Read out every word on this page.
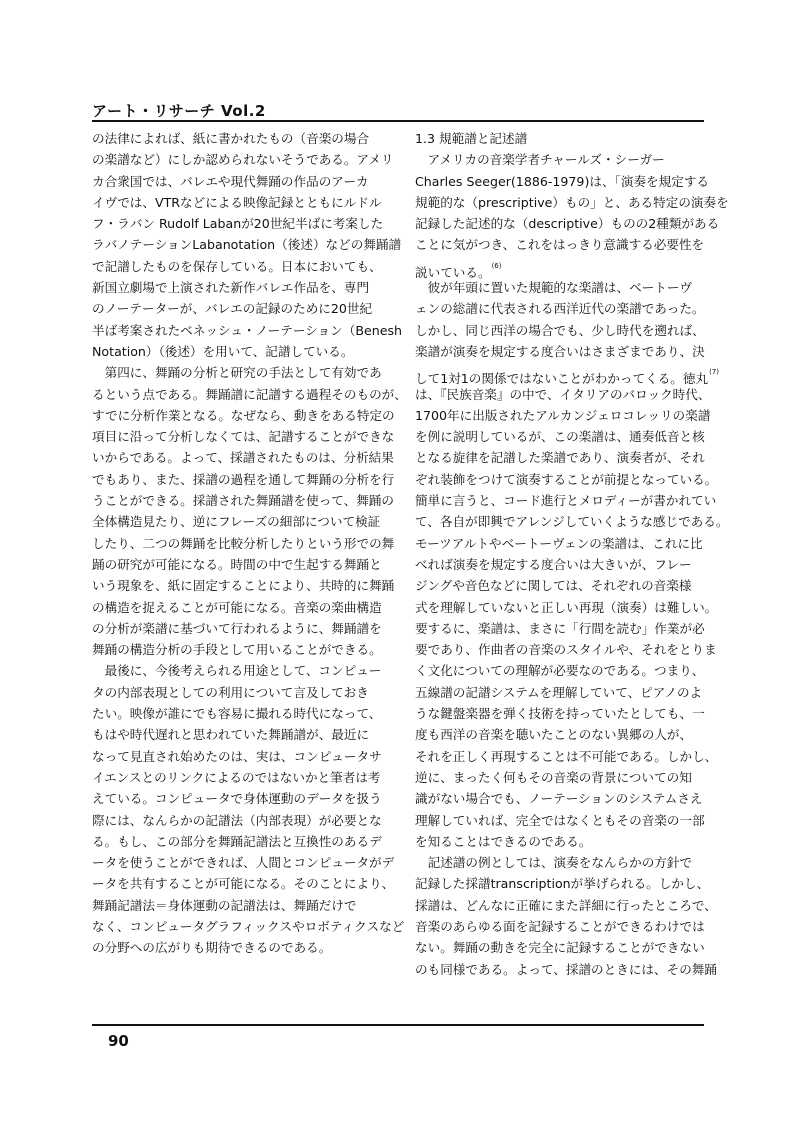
アート・リサーチ Vol.2
の法律によれば、紙に書かれたもの（音楽の場合
の楽譜など）にしか認められないそうである。アメリ
カ合衆国では、バレエや現代舞踊の作品のアーカ
イヴでは、VTRなどによる映像記録とともにルドル
フ・ラバン Rudolf Labanが20世紀半ばに考案した
ラバノテーションLabanotation（後述）などの舞踊譜
で記譜したものを保存している。日本においても、
新国立劇場で上演された新作バレエ作品を、専門
のノーテーターが、バレエの記録のために20世紀
半ば考案されたベネッシュ・ノーテーション（Benesh
Notation）（後述）を用いて、記譜している。
　第四に、舞踊の分析と研究の手法として有効であ
るという点である。舞踊譜に記譜する過程そのものが、
すでに分析作業となる。なぜなら、動きをある特定の
項目に沿って分析しなくては、記譜することができな
いからである。よって、採譜されたものは、分析結果
でもあり、また、採譜の過程を通して舞踊の分析を行
うことができる。採譜された舞踊譜を使って、舞踊の
全体構造見たり、逆にフレーズの細部について検証
したり、二つの舞踊を比較分析したりという形での舞
踊の研究が可能になる。時間の中で生起する舞踊と
いう現象を、紙に固定することにより、共時的に舞踊
の構造を捉えることが可能になる。音楽の楽曲構造
の分析が楽譜に基づいて行われるように、舞踊譜を
舞踊の構造分析の手段として用いることができる。
　最後に、今後考えられる用途として、コンピュー
タの内部表現としての利用について言及しておき
たい。映像が誰にでも容易に撮れる時代になって、
もはや時代遅れと思われていた舞踊譜が、最近に
なって見直され始めたのは、実は、コンピュータサ
イエンスとのリンクによるのではないかと筆者は考
えている。コンピュータで身体運動のデータを扱う
際には、なんらかの記譜法（内部表現）が必要とな
る。もし、この部分を舞踊記譜法と互換性のあるデ
ータを使うことができれば、人間とコンピュータがデ
ータを共有することが可能になる。そのことにより、
舞踊記譜法＝身体運動の記譜法は、舞踊だけで
なく、コンピュータグラフィックスやロボティクスなど
の分野への広がりも期待できるのである。
1.3 規範譜と記述譜
　アメリカの音楽学者チャールズ・シーガー
Charles Seeger(1886-1979)は、「演奏を規定する
規範的な（prescriptive）もの」と、ある特定の演奏を
記録した記述的な（descriptive）ものの2種類がある
ことに気がつき、これをはっきり意識する必要性を
説いている。$^{(6)}$
　彼が年頭に置いた規範的な楽譜は、ベートーヴ
ェンの総譜に代表される西洋近代の楽譜であった。
しかし、同じ西洋の場合でも、少し時代を遡れば、
楽譜が演奏を規定する度合いはさまざまであり、決
して1対1の関係ではないことがわかってくる。徳丸$^{(7)}$
は、『民族音楽』の中で、イタリアのバロック時代、
1700年に出版されたアルカンジェロコレッリの楽譜
を例に説明しているが、この楽譜は、通奏低音と核
となる旋律を記譜した楽譜であり、演奏者が、それ
ぞれ装飾をつけて演奏することが前提となっている。
簡単に言うと、コード進行とメロディーが書かれてい
て、各自が即興でアレンジしていくような感じである。
モーツアルトやベートーヴェンの楽譜は、これに比
べれば演奏を規定する度合いは大きいが、フレー
ジングや音色などに関しては、それぞれの音楽様
式を理解していないと正しい再現（演奏）は難しい。
要するに、楽譜は、まさに「行間を読む」作業が必
要であり、作曲者の音楽のスタイルや、それをとりま
く文化についての理解が必要なのである。つまり、
五線譜の記譜システムを理解していて、ピアノのよ
うな鍵盤楽器を弾く技術を持っていたとしても、一
度も西洋の音楽を聴いたことのない異郷の人が、
それを正しく再現することは不可能である。しかし、
逆に、まったく何もその音楽の背景についての知
識がない場合でも、ノーテーションのシステムさえ
理解していれば、完全ではなくともその音楽の一部
を知ることはできるのである。
　記述譜の例としては、演奏をなんらかの方針で
記録した採譜transcriptionが挙げられる。しかし、
採譜は、どんなに正確にまた詳細に行ったところで、
音楽のあらゆる面を記録することができるわけでは
ない。舞踊の動きを完全に記録することができない
のも同様である。よって、採譜のときには、その舞踊
90
